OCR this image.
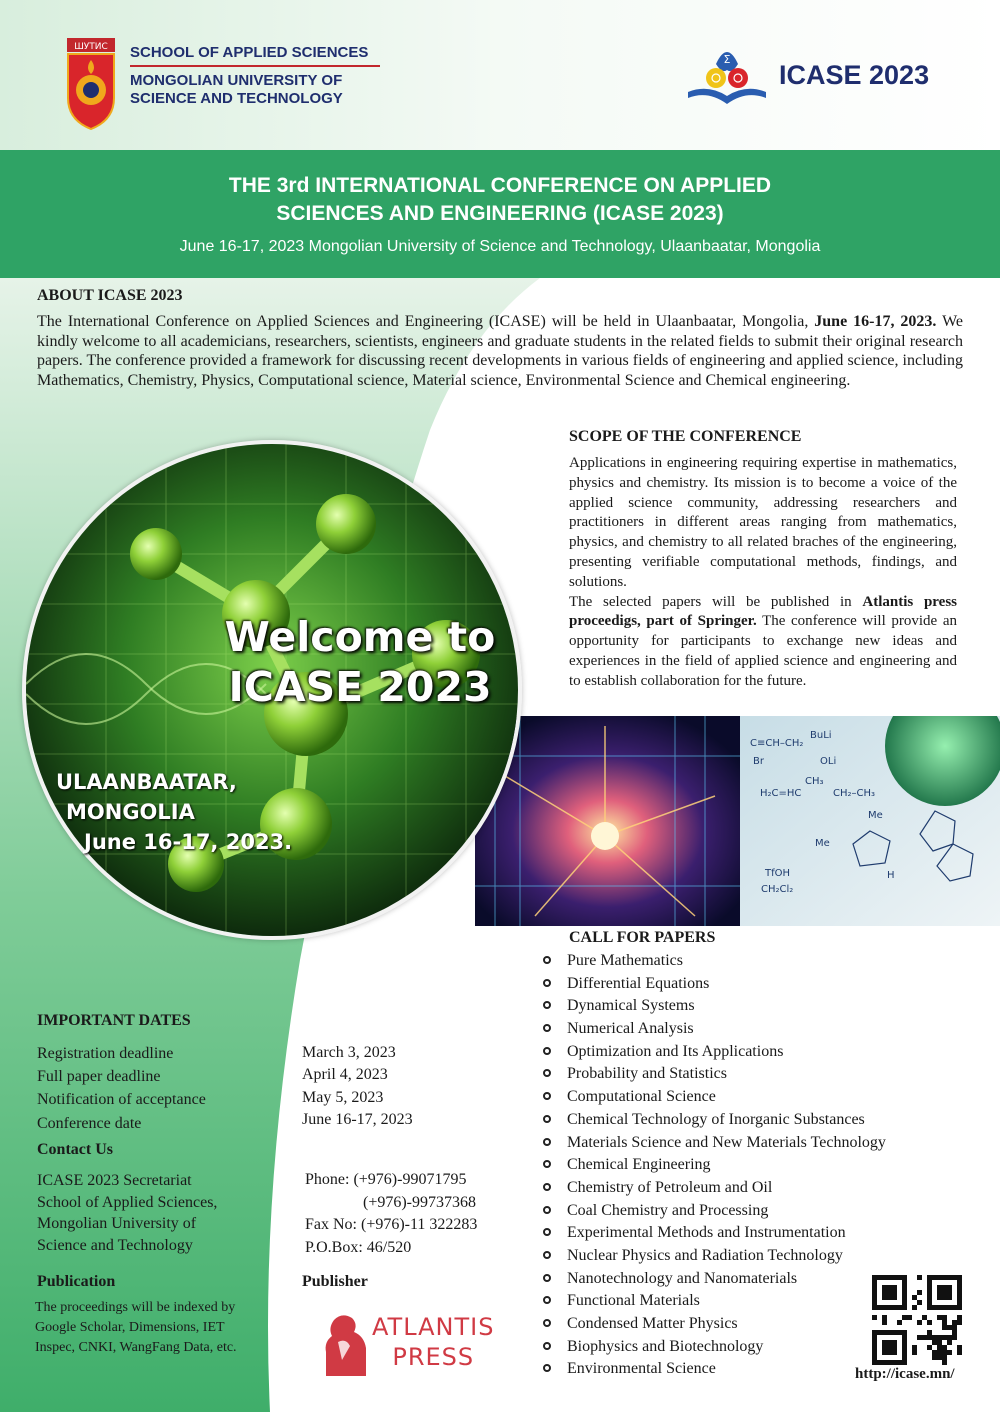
ШУТИС SCHOOL OF APPLIED SCIENCES
MONGOLIAN UNIVERSITY OF
SCIENCE AND TECHNOLOGY
Σ
ICASE 2023
THE 3rd INTERNATIONAL CONFERENCE ON APPLIED
SCIENCES AND ENGINEERING (ICASE 2023)
June 16-17, 2023 Mongolian University of Science and Technology, Ulaanbaatar, Mongolia
ABOUT ICASE 2023
The International Conference on Applied Sciences and Engineering (ICASE) will be held in Ulaanbaatar, Mongolia, June 16-17, 2023. We kindly welcome to all academicians, researchers, scientists, engineers and graduate students in the related fields to submit their original research papers. The conference provided a framework for discussing recent developments in various fields of engineering and applied science, including Mathematics, Chemistry, Physics, Computational science, Material science, Environmental Science and Chemical engineering.
SCOPE OF THE CONFERENCE
Applications in engineering requiring expertise in mathematics, physics and chemistry. Its mission is to become a voice of the applied science community, addressing researchers and practitioners in different areas ranging from mathematics, physics, and chemistry to all related braches of the engineering, presenting verifiable computational methods, findings, and solutions.
The selected papers will be published in Atlantis press proceedigs, part of Springer. The conference will provide an opportunity for participants to exchange new ideas and experiences in the field of applied science and engineering and to establish collaboration for the future.
C≡CH–CH₂
BuLi
Br	OLi
H₂C=HC
CH₃
CH₂–CH₃
Me
Me
TfOH	H
CH₂Cl₂
Welcome to
ICASE 2023
ULAANBAATAR,
MONGOLIA
June 16-17, 2023.
CALL FOR PAPERS
Pure Mathematics
Differential Equations
Dynamical Systems
Numerical Analysis
Optimization and Its Applications
Probability and Statistics
Computational Science
Chemical Technology of Inorganic Substances
Materials Science and New Materials Technology
Chemical Engineering
Chemistry of Petroleum and Oil
Coal Chemistry and Processing
Experimental Methods and Instrumentation
Nuclear Physics and Radiation Technology
Nanotechnology and Nanomaterials
Functional Materials
Condensed Matter Physics
Biophysics and Biotechnology
Environmental Science
IMPORTANT DATES
Registration deadline
Full paper deadline
Notification of acceptance
Conference date
March 3, 2023
April 4, 2023
May 5, 2023
June 16-17, 2023
Contact Us
ICASE 2023 Secretariat
School of Applied Sciences,
Mongolian University of
Science and Technology
Phone: (+976)-99071795
(+976)-99737368
Fax No: (+976)-11 322283
P.O.Box: 46/520
Publication
The proceedings will be indexed by Google Scholar, Dimensions, IET Inspec, CNKI, WangFang Data, etc.
Publisher
ATLANTIS
PRESS
http://icase.mn/
